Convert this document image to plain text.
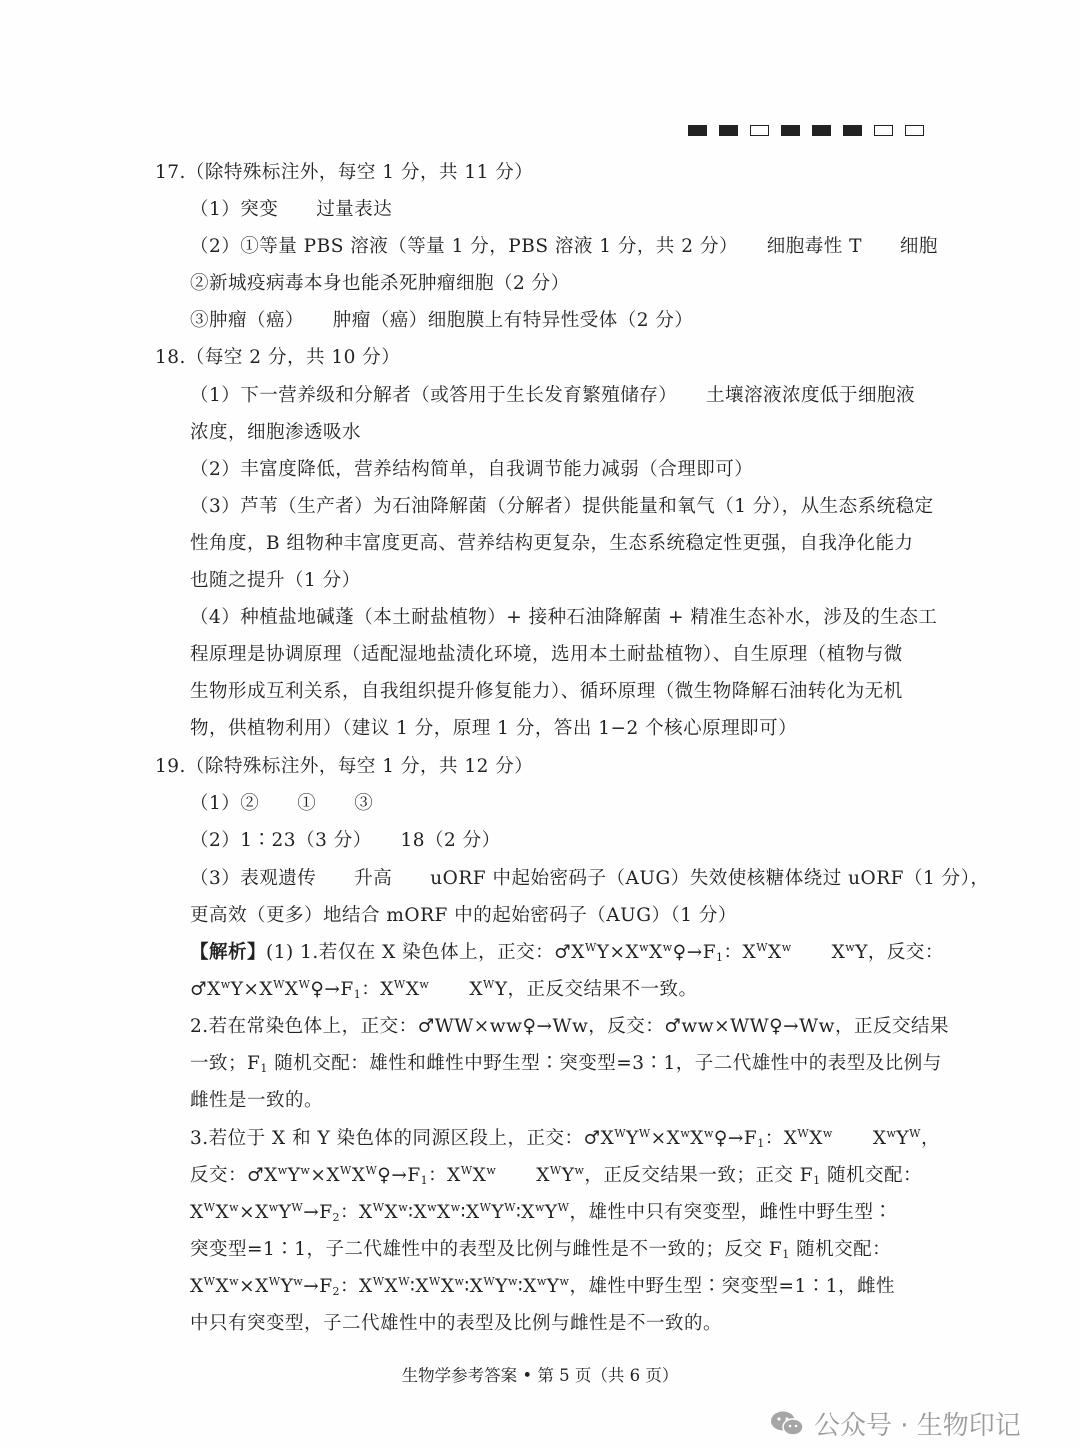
17.（除特殊标注外，每空 1 分，共 11 分）
（1）突变　　过量表达
（2）①等量 PBS 溶液（等量 1 分，PBS 溶液 1 分，共 2 分）　　细胞毒性 T　　细胞
②新城疫病毒本身也能杀死肿瘤细胞（2 分）
③肿瘤（癌）　　肿瘤（癌）细胞膜上有特异性受体（2 分）
18.（每空 2 分，共 10 分）
（1）下一营养级和分解者（或答用于生长发育繁殖储存）　　土壤溶液浓度低于细胞液
浓度，细胞渗透吸水
（2）丰富度降低，营养结构简单，自我调节能力减弱（合理即可）
（3）芦苇（生产者）为石油降解菌（分解者）提供能量和氧气（1 分），从生态系统稳定
性角度，B 组物种丰富度更高、营养结构更复杂，生态系统稳定性更强，自我净化能力
也随之提升（1 分）
（4）种植盐地碱蓬（本土耐盐植物）+ 接种石油降解菌 + 精准生态补水，涉及的生态工
程原理是协调原理（适配湿地盐渍化环境，选用本土耐盐植物）、自生原理（植物与微
生物形成互利关系，自我组织提升修复能力）、循环原理（微生物降解石油转化为无机
物，供植物利用）（建议 1 分，原理 1 分，答出 1−2 个核心原理即可）
19.（除特殊标注外，每空 1 分，共 12 分）
（1）②　　①　　③
（2）1∶23（3 分）　　18（2 分）
（3）表观遗传　　升高　　uORF 中起始密码子（AUG）失效使核糖体绕过 uORF（1 分），
更高效（更多）地结合 mORF 中的起始密码子（AUG）（1 分）
【解析】(1) 1.若仅在 X 染色体上，正交：$♂X^WY\times X^wX^w♀\to F_1$：$X^WX^w$ $X^wY$，反交：
$♂X^wY\times X^WX^W♀\to F_1$：$X^WX^w$ $X^WY$，正反交结果不一致。
2.若在常染色体上，正交：♂WW×ww♀→Ww，反交：♂ww×WW♀→Ww，正反交结果
一致；$F_1$ 随机交配：雄性和雌性中野生型∶突变型=3∶1，子二代雄性中的表型及比例与
雌性是一致的。
3.若位于 X 和 Y 染色体的同源区段上，正交：$♂X^WY^W\times X^wX^w♀\to F_1$：$X^WX^w$ $X^wY^W$，
反交：$♂X^wY^w\times X^WX^W♀\to F_1$：$X^WX^w$ $X^WY^w$，正反交结果一致；正交 $F_1$ 随机交配：
$X^WX^w\times X^wY^W\to F_2$：$X^WX^w∶X^wX^w∶X^WY^W∶X^wY^W$，雄性中只有突变型，雌性中野生型∶
突变型=1∶1，子二代雄性中的表型及比例与雌性是不一致的；反交 $F_1$ 随机交配：
$X^WX^w\times X^WY^w\to F_2$：$X^WX^W∶X^WX^w∶X^WY^w∶X^wY^w$，雄性中野生型∶突变型=1∶1，雌性
中只有突变型，子二代雄性中的表型及比例与雌性是不一致的。
生物学参考答案 • 第 5 页（共 6 页）
公众号 · 生物印记
